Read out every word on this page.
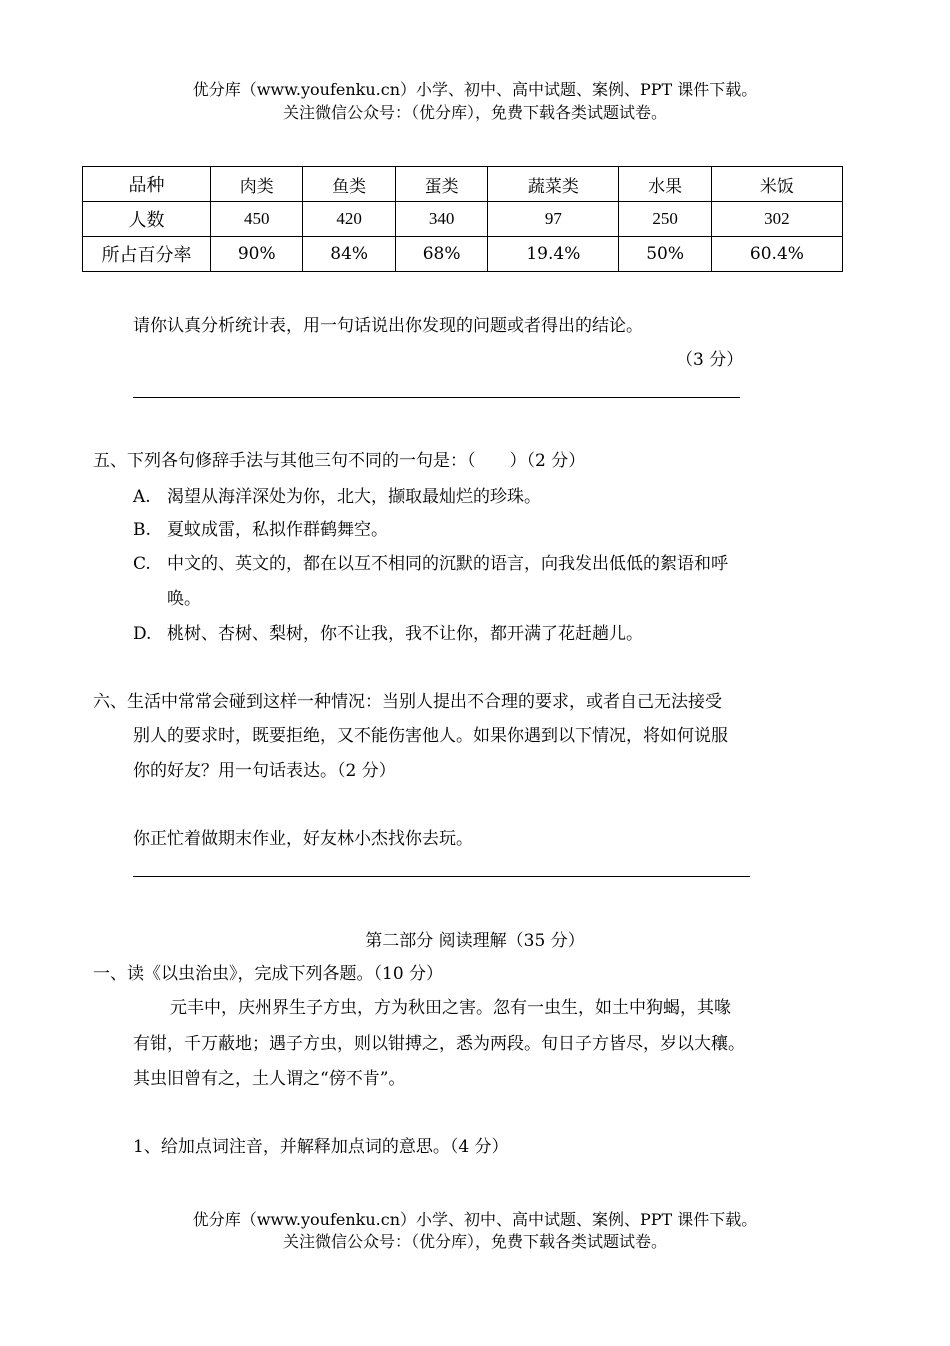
优分库（www.youfenku.cn）小学、初中、高中试题、案例、PPT 课件下载。
关注微信公众号：（优分库），免费下载各类试题试卷。
品种	肉类	鱼类	蛋类	蔬菜类	水果	米饭
人数	450	420	340	97	250	302
所占百分率	90%	84%	68%	19.4%	50%	60.4%
请你认真分析统计表，用一句话说出你发现的问题或者得出的结论。
（3 分）
五、下列各句修辞手法与其他三句不同的一句是：（　　）（2 分）
A. 渴望从海洋深处为你，北大，撷取最灿烂的珍珠。
B. 夏蚊成雷，私拟作群鹤舞空。
C. 中文的、英文的，都在以互不相同的沉默的语言，向我发出低低的絮语和呼
唤。
D. 桃树、杏树、梨树，你不让我，我不让你，都开满了花赶趟儿。
六、生活中常常会碰到这样一种情况：当别人提出不合理的要求，或者自己无法接受
别人的要求时，既要拒绝，又不能伤害他人。如果你遇到以下情况，将如何说服
你的好友？用一句话表达。（2 分）
你正忙着做期末作业，好友林小杰找你去玩。
第二部分 阅读理解（35 分）
一、读《以虫治虫》，完成下列各题。（10 分）
元丰中，庆州界生子方虫，方为秋田之害。忽有一虫生，如土中狗蝎，其喙
有钳，千万蔽地；遇子方虫，则以钳搏之，悉为两段。旬日子方皆尽，岁以大穰。
其虫旧曾有之，土人谓之“傍不肯”。
1、给加点词注音，并解释加点词的意思。（4 分）
优分库（www.youfenku.cn）小学、初中、高中试题、案例、PPT 课件下载。
关注微信公众号：（优分库），免费下载各类试题试卷。
